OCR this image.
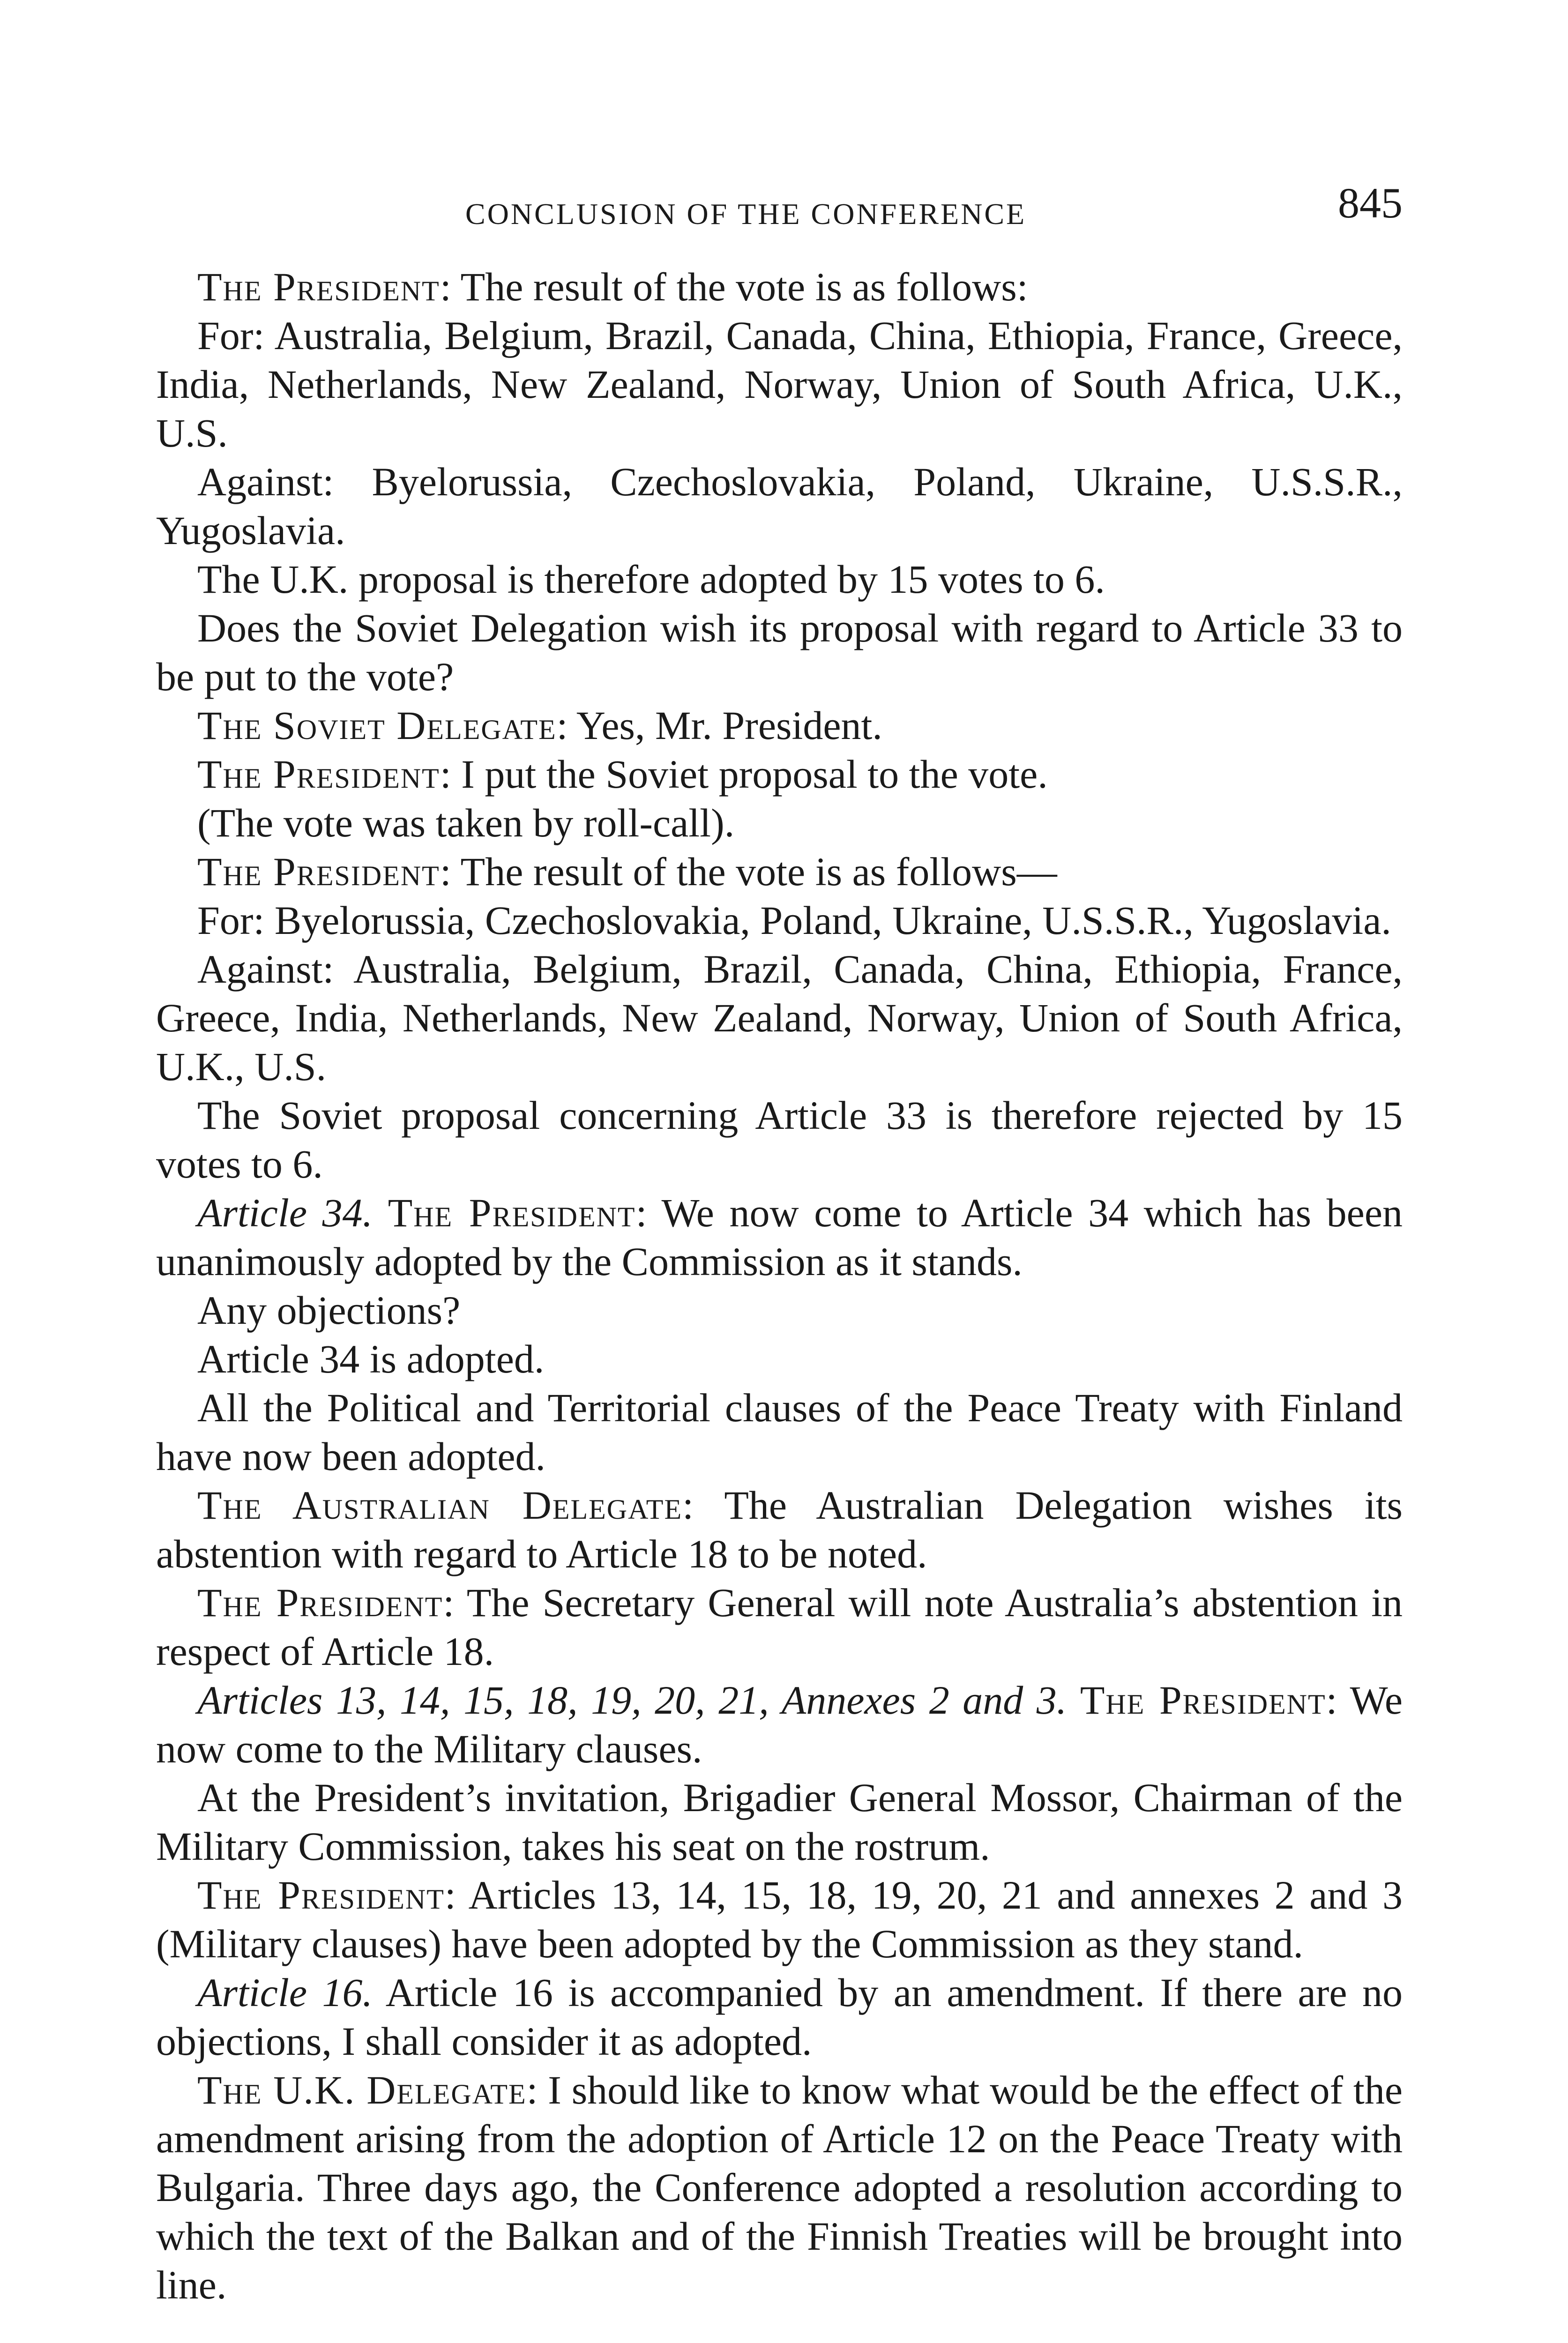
CONCLUSION OF THE CONFERENCE	845

The President: The result of the vote is as follows:

For: Australia, Belgium, Brazil, Canada, China, Ethiopia, France, Greece, India, Netherlands, New Zealand, Norway, Union of South Africa, U.K., U.S.

Against: Byelorussia, Czechoslovakia, Poland, Ukraine, U.S.S.R., Yugoslavia.

The U.K. proposal is therefore adopted by 15 votes to 6.

Does the Soviet Delegation wish its proposal with regard to Article 33 to be put to the vote?

The Soviet Delegate: Yes, Mr. President.

The President: I put the Soviet proposal to the vote.

(The vote was taken by roll-call).

The President: The result of the vote is as follows—

For: Byelorussia, Czechoslovakia, Poland, Ukraine, U.S.S.R., Yugoslavia.

Against: Australia, Belgium, Brazil, Canada, China, Ethiopia, France, Greece, India, Netherlands, New Zealand, Norway, Union of South Africa, U.K., U.S.

The Soviet proposal concerning Article 33 is therefore rejected by 15 votes to 6.

Article 34. The President: We now come to Article 34 which has been unanimously adopted by the Commission as it stands.

Any objections?

Article 34 is adopted.

All the Political and Territorial clauses of the Peace Treaty with Finland have now been adopted.

The Australian Delegate: The Australian Delegation wishes its abstention with regard to Article 18 to be noted.

The President: The Secretary General will note Australia’s abstention in respect of Article 18.

Articles 13, 14, 15, 18, 19, 20, 21, Annexes 2 and 3. The President: We now come to the Military clauses.

At the President’s invitation, Brigadier General Mossor, Chairman of the Military Commission, takes his seat on the rostrum.

The President: Articles 13, 14, 15, 18, 19, 20, 21 and annexes 2 and 3 (Military clauses) have been adopted by the Commission as they stand.

Article 16. Article 16 is accompanied by an amendment. If there are no objections, I shall consider it as adopted.

The U.K. Delegate: I should like to know what would be the effect of the amendment arising from the adoption of Article 12 on the Peace Treaty with Bulgaria. Three days ago, the Conference adopted a resolution according to which the text of the Balkan and of the Finnish Treaties will be brought into line.
